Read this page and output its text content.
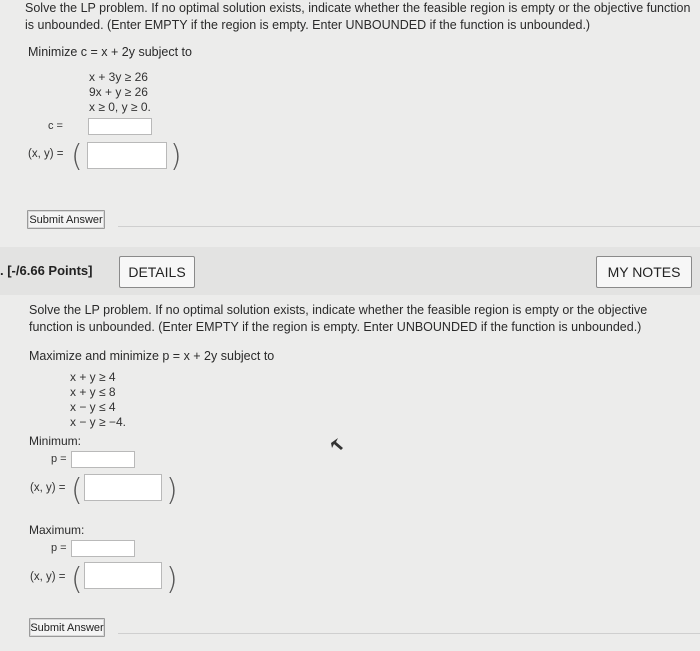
Solve the LP problem. If no optimal solution exists, indicate whether the feasible region is empty or the objective function is unbounded. (Enter EMPTY if the region is empty. Enter UNBOUNDED if the function is unbounded.)
Minimize c = x + 2y subject to
x + 3y ≥ 26
9x + y ≥ 26
x ≥ 0, y ≥ 0.
c =
(x, y) = (	)
Submit Answer
. [-/6.66 Points]	DETAILS	MY NOTES
Solve the LP problem. If no optimal solution exists, indicate whether the feasible region is empty or the objective function is unbounded. (Enter EMPTY if the region is empty. Enter UNBOUNDED if the function is unbounded.)
Maximize and minimize p = x + 2y subject to
x + y ≥ 4
x + y ≤ 8
x − y ≤ 4
x − y ≥ −4.
Minimum:
p =
(x, y) = (	)
Maximum:
p =
(x, y) = (	)
Submit Answer
